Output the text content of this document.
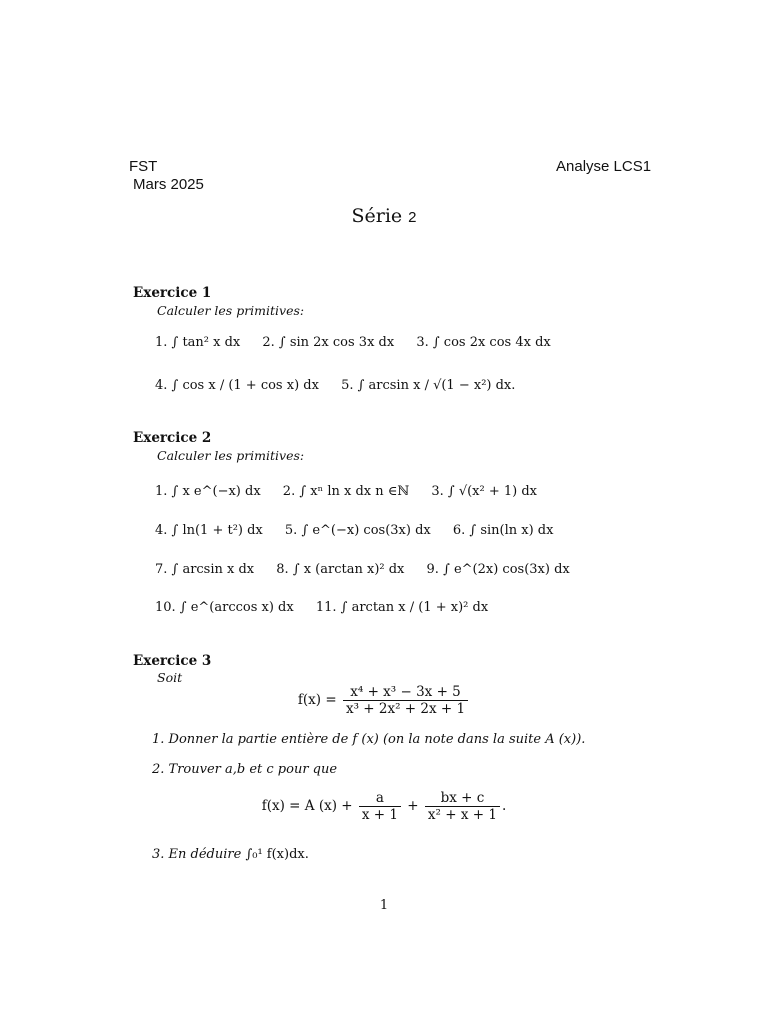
FST
Mars 2025
Analyse LCS1
Série 2
Exercice 1
Calculer les primitives:
1. ∫ tan² x dx 2. ∫ sin 2x cos 3x dx 3. ∫ cos 2x cos 4x dx
4. ∫ cos x / (1 + cos x) dx 5. ∫ arcsin x / √(1 − x²) dx.
Exercice 2
Calculer les primitives:
1. ∫ x e^(−x) dx 2. ∫ xⁿ ln x dx n ∈ℕ 3. ∫ √(x² + 1) dx
4. ∫ ln(1 + t²) dx 5. ∫ e^(−x) cos(3x) dx 6. ∫ sin(ln x) dx
7. ∫ arcsin x dx 8. ∫ x (arctan x)² dx 9. ∫ e^(2x) cos(3x) dx
10. ∫ e^(arccos x) dx 11. ∫ arctan x / (1 + x)² dx
Exercice 3
Soit
$f(x) = \frac{\text{x⁴ + x³ − 3x + 5}}{\text{x³ + 2x² + 2x + 1}}$
1. Donner la partie entière de f (x) (on la note dans la suite A (x)).
2. Trouver a,b et c pour que
f(x) = A $(x) + \frac{a}{x + 1} + \frac{bx + c}{\text{x² + x + 1}}$ .
3. En déduire ∫₀¹ f(x)dx.
1
